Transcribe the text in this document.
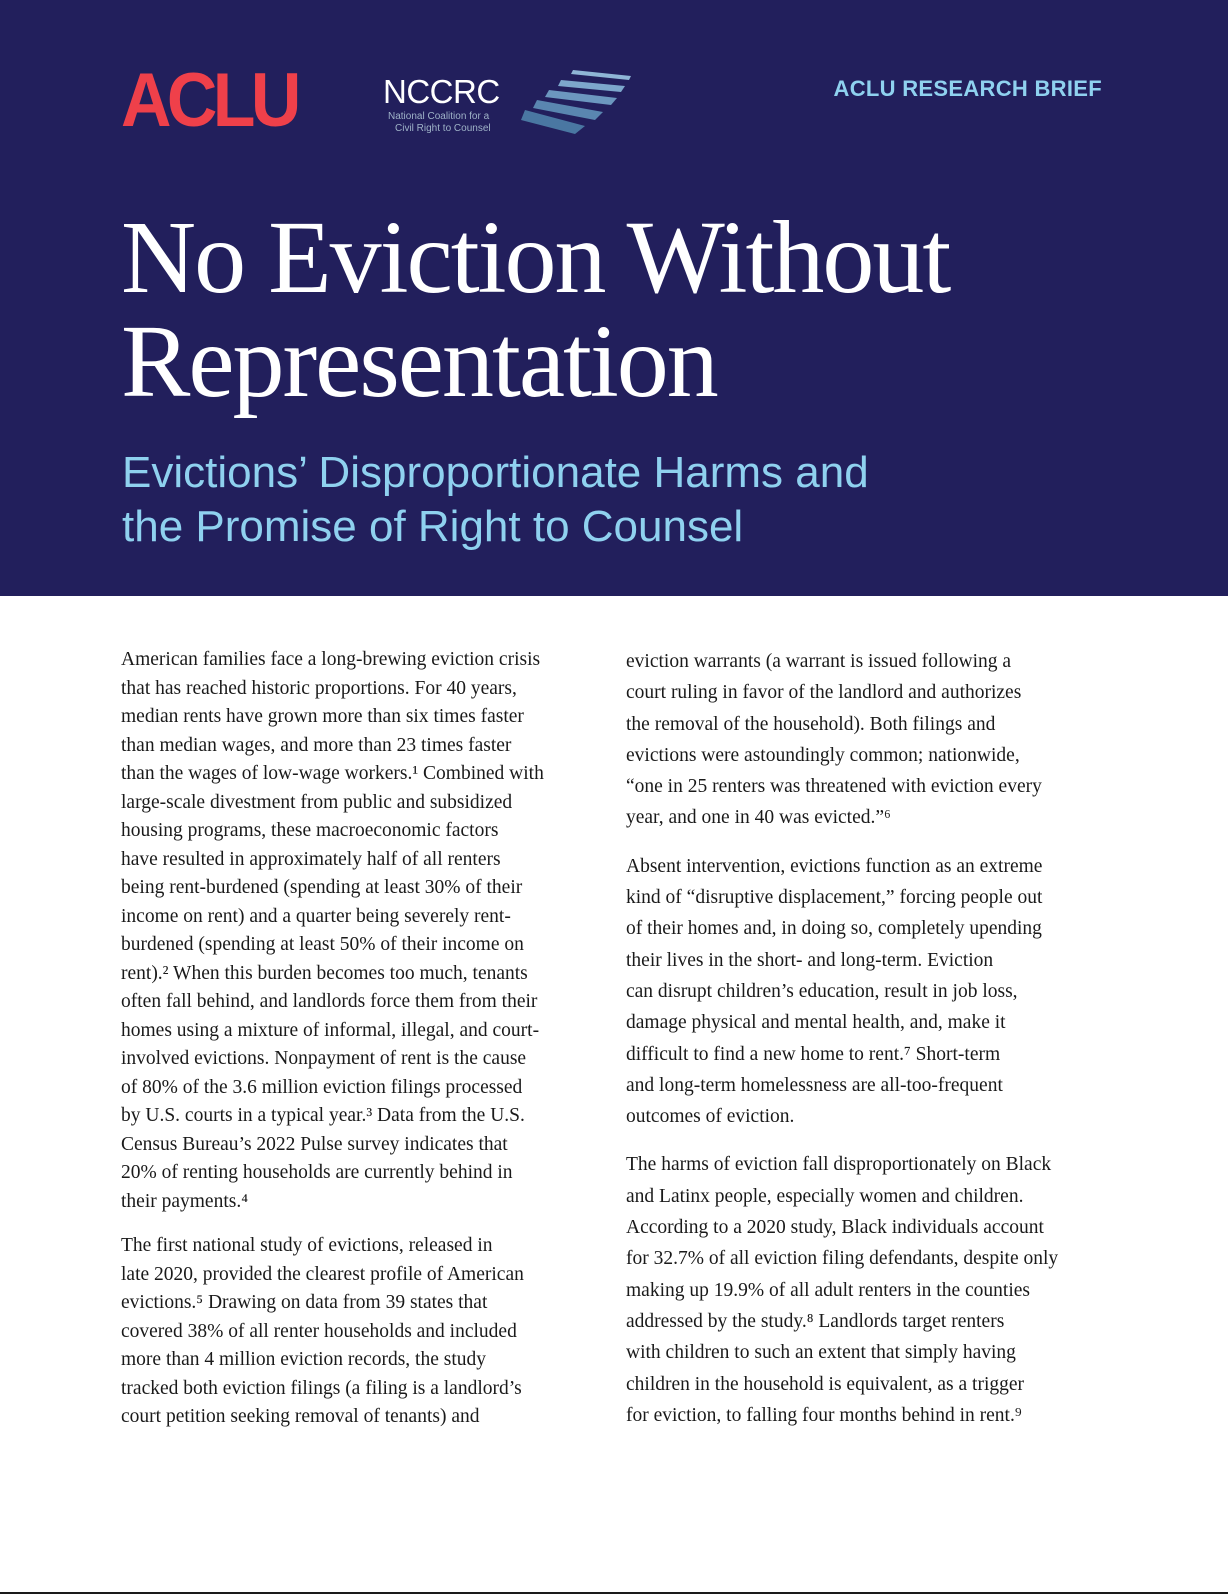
ACLU	NCCRC
National Coalition for a
Civil Right to Counsel
ACLU RESEARCH BRIEF
No Eviction Without
Representation
Evictions’ Disproportionate Harms and
the Promise of Right to Counsel

American families face a long-brewing eviction crisis
that has reached historic proportions. For 40 years,
median rents have grown more than six times faster
than median wages, and more than 23 times faster
than the wages of low-wage workers.¹ Combined with
large-scale divestment from public and subsidized
housing programs, these macroeconomic factors
have resulted in approximately half of all renters
being rent-burdened (spending at least 30% of their
income on rent) and a quarter being severely rent-
burdened (spending at least 50% of their income on
rent).² When this burden becomes too much, tenants
often fall behind, and landlords force them from their
homes using a mixture of informal, illegal, and court-
involved evictions. Nonpayment of rent is the cause
of 80% of the 3.6 million eviction filings processed
by U.S. courts in a typical year.³ Data from the U.S.
Census Bureau’s 2022 Pulse survey indicates that
20% of renting households are currently behind in
their payments.⁴

The first national study of evictions, released in
late 2020, provided the clearest profile of American
evictions.⁵ Drawing on data from 39 states that
covered 38% of all renter households and included
more than 4 million eviction records, the study
tracked both eviction filings (a filing is a landlord’s
court petition seeking removal of tenants) and

eviction warrants (a warrant is issued following a
court ruling in favor of the landlord and authorizes
the removal of the household). Both filings and
evictions were astoundingly common; nationwide,
“one in 25 renters was threatened with eviction every
year, and one in 40 was evicted.”⁶

Absent intervention, evictions function as an extreme
kind of “disruptive displacement,” forcing people out
of their homes and, in doing so, completely upending
their lives in the short- and long-term. Eviction
can disrupt children’s education, result in job loss,
damage physical and mental health, and, make it
difficult to find a new home to rent.⁷ Short-term
and long-term homelessness are all-too-frequent
outcomes of eviction.

The harms of eviction fall disproportionately on Black
and Latinx people, especially women and children.
According to a 2020 study, Black individuals account
for 32.7% of all eviction filing defendants, despite only
making up 19.9% of all adult renters in the counties
addressed by the study.⁸ Landlords target renters
with children to such an extent that simply having
children in the household is equivalent, as a trigger
for eviction, to falling four months behind in rent.⁹
